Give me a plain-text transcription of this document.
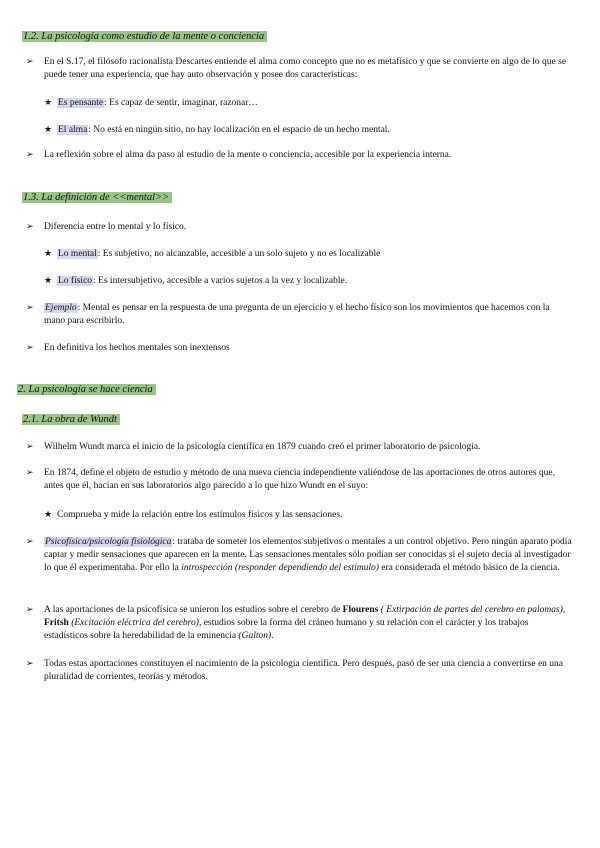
1.2. La psicología como estudio de la mente o conciencia
➢ En el S.17, el filósofo racionalista Descartes entiende el alma como concepto que no es metafísico y que se convierte en algo de lo que se puede tener una experiencia, que hay auto observación y posee dos características:
★ Es pensante: Es capaz de sentir, imaginar, razonar…
★ El alma: No está en ningún sitio, no hay localización en el espacio de un hecho mental.
➢ La reflexión sobre el alma da paso al estudio de la mente o conciencia, accesible por la experiencia interna.
1.3. La definición de <<mental>>
➢ Diferencia entre lo mental y lo físico.
★ Lo mental: Es subjetivo, no alcanzable, accesible a un solo sujeto y no es localizable
★ Lo físico: Es intersubjetivo, accesible a varios sujetos a la vez y localizable.
➢ Ejemplo: Mental es pensar en la respuesta de una pregunta de un ejercicio y el hecho físico son los movimientos que hacemos con la mano para escribirlo.
➢ En definitiva los hechos mentales son inextensos
2. La psicología se hace ciencia
2.1. La obra de Wundt
➢ Wilhelm Wundt marca el inicio de la psicología científica en 1879 cuando creó el primer laboratorio de psicología.
➢ En 1874, define el objeto de estudio y método de una nueva ciencia independiente valiéndose de las aportaciones de otros autores que, antes que él, hacían en sus laboratorios algo parecido a lo que hizo Wundt en el suyo:
★ Comprueba y mide la relación entre los estímulos físicos y las sensaciones.
➢ Psicofísica/psicología fisiológica: trataba de someter los elementos subjetivos o mentales a un control objetivo. Pero ningún aparato podía captar y medir sensaciones que aparecen en la mente. Las sensaciones mentales sólo podían ser conocidas si el sujeto decía al investigador lo que él experimentaba. Por ello la introspección (responder dependiendo del estímulo) era considerada el método básico de la ciencia.
➢ A las aportaciones de la psicofísica se unieron los estudios sobre el cerebro de Flourens ( Extirpación de partes del cerebro en palomas), Fritsh (Excitación eléctrica del cerebro), estudios sobre la forma del cráneo humano y su relación con el carácter y los trabajos estadísticos sobre la heredabilidad de la eminencia (Galton).
➢ Todas estas aportaciones constituyen el nacimiento de la psicología científica. Pero después, pasó de ser una ciencia a convertirse en una pluralidad de corrientes, teorías y métodos.
